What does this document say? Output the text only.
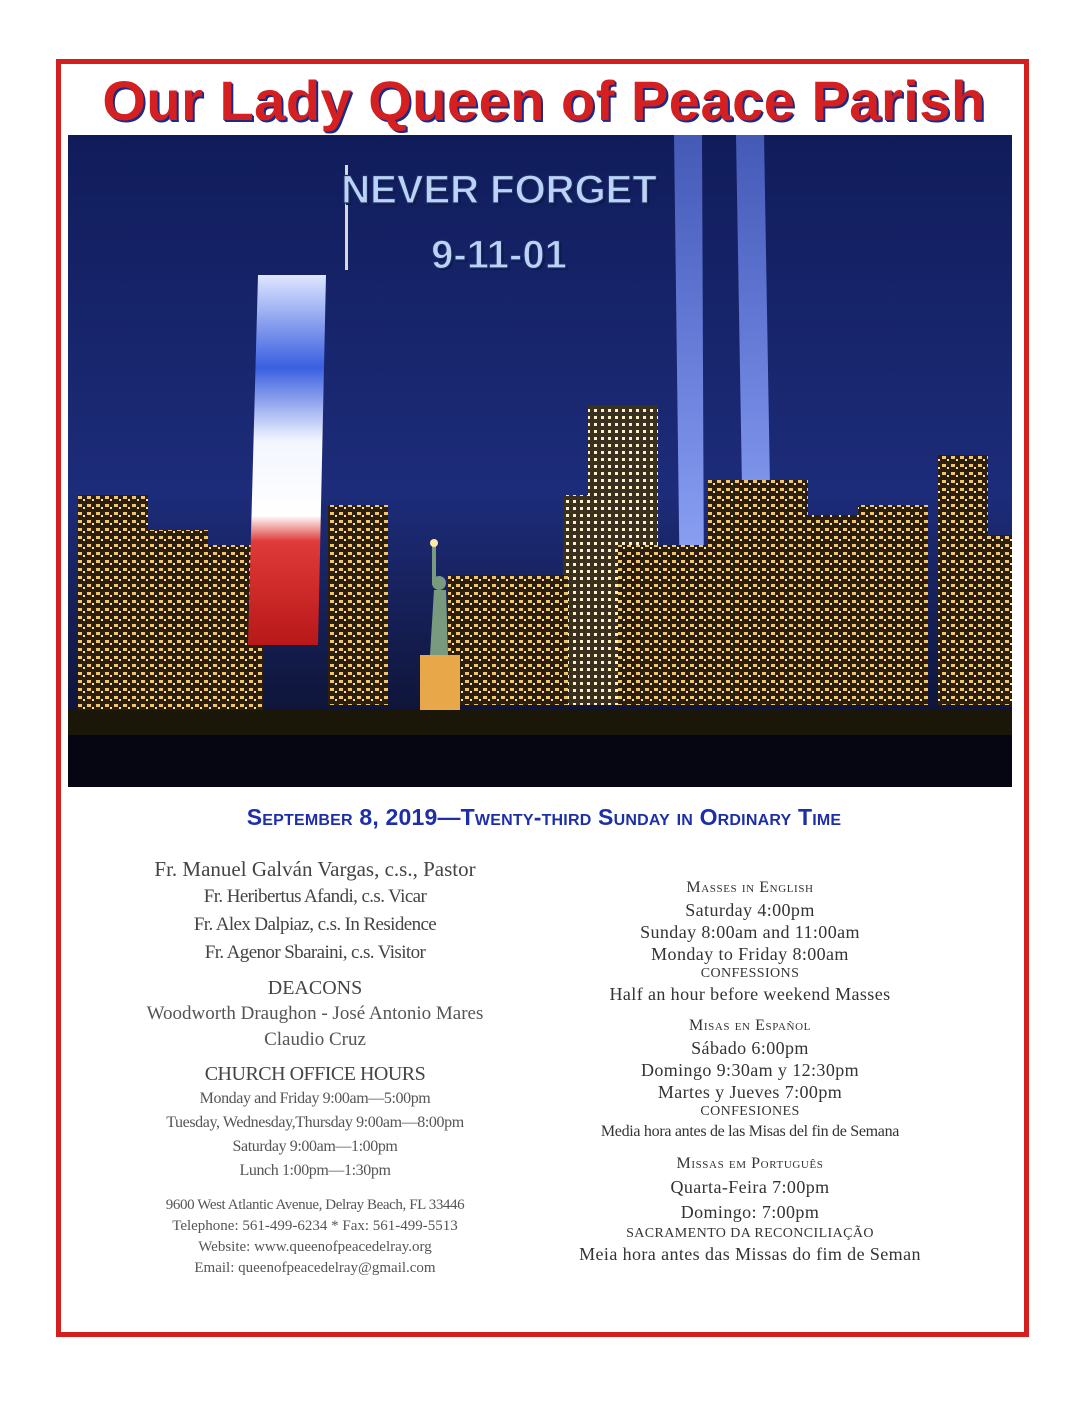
Our Lady Queen of Peace Parish
NEVER FORGET
9-11-01
September 8, 2019—Twenty-third Sunday in Ordinary Time

Fr. Manuel Galván Vargas, c.s., Pastor

Fr. Heribertus Afandi, c.s. Vicar

Fr. Alex Dalpiaz, c.s. In Residence

Fr. Agenor Sbaraini, c.s. Visitor

DEACONS

Woodworth Draughon - José Antonio Mares

Claudio Cruz

CHURCH OFFICE HOURS

Monday and Friday 9:00am—5:00pm

Tuesday, Wednesday,Thursday 9:00am—8:00pm

Saturday 9:00am—1:00pm

Lunch 1:00pm—1:30pm

9600 West Atlantic Avenue, Delray Beach, FL 33446

Telephone: 561-499-6234 * Fax: 561-499-5513

Website: www.queenofpeacedelray.org

Email: queenofpeacedelray@gmail.com

Masses in English

Saturday 4:00pm

Sunday 8:00am and 11:00am

Monday to Friday 8:00am

CONFESSIONS

Half an hour before weekend Masses

Misas en Español

Sábado 6:00pm

Domingo 9:30am y 12:30pm

Martes y Jueves 7:00pm

CONFESIONES

Media hora antes de las Misas del fin de Semana

Missas em Português

Quarta-Feira 7:00pm

Domingo: 7:00pm

SACRAMENTO DA RECONCILIAÇÃO

Meia hora antes das Missas do fim de Seman
